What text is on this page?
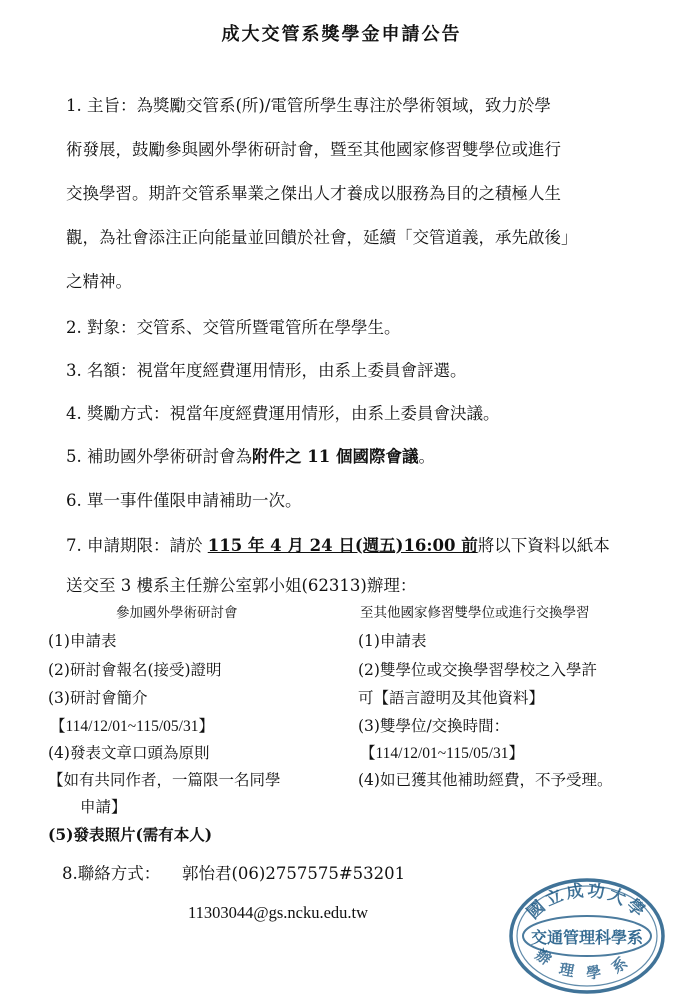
成大交管系獎學金申請公告
1. 主旨：為獎勵交管系(所)/電管所學生專注於學術領域，致力於學
術發展，鼓勵參與國外學術研討會，暨至其他國家修習雙學位或進行
交換學習。期許交管系畢業之傑出人才養成以服務為目的之積極人生
觀，為社會添注正向能量並回饋於社會，延續「交管道義，承先啟後」
之精神。
2. 對象：交管系、交管所暨電管所在學學生。
3. 名額：視當年度經費運用情形，由系上委員會評選。
4. 獎勵方式：視當年度經費運用情形，由系上委員會決議。
5. 補助國外學術研討會為附件之 11 個國際會議。
6. 單一事件僅限申請補助一次。
7. 申請期限：請於 115 年 4 月 24 日(週五)16:00 前將以下資料以紙本
送交至 3 樓系主任辦公室郭小姐(62313)辦理：
參加國外學術研討會	至其他國家修習雙學位或進行交換學習
(1)申請表
(2)研討會報名(接受)證明
(3)研討會簡介
【114/12/01~115/05/31】
(4)發表文章口頭為原則
【如有共同作者，一篇限一名同學
申請】
(5)發表照片(需有本人)
(1)申請表
(2)雙學位或交換學習學校之入學許
可【語言證明及其他資料】
(3)雙學位/交換時間：
【114/12/01~115/05/31】
(4)如已獲其他補助經費，不予受理。
8.聯絡方式： 郭怡君(06)2757575#53201
11303044@gs.ncku.edu.tw	國立成功大學
交通管理科學系
辦理學系
